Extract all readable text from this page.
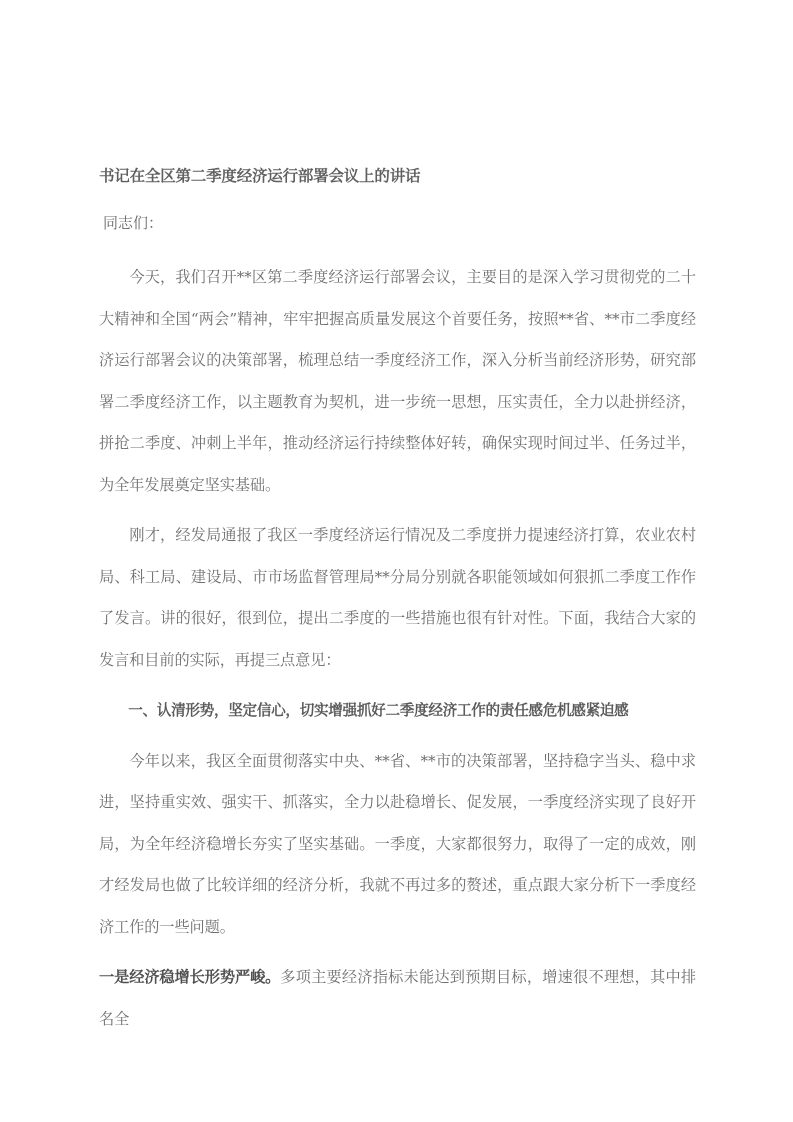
书记在全区第二季度经济运行部署会议上的讲话

同志们：

今天，我们召开**区第二季度经济运行部署会议，主要目的是深入学习贯彻党的二十大精神和全国“两会”精神，牢牢把握高质量发展这个首要任务，按照**省、**市二季度经济运行部署会议的决策部署，梳理总结一季度经济工作，深入分析当前经济形势，研究部署二季度经济工作，以主题教育为契机，进一步统一思想，压实责任，全力以赴拼经济，拼抢二季度、冲刺上半年，推动经济运行持续整体好转，确保实现时间过半、任务过半，为全年发展奠定坚实基础。

刚才，经发局通报了我区一季度经济运行情况及二季度拼力提速经济打算，农业农村局、科工局、建设局、市市场监督管理局**分局分别就各职能领域如何狠抓二季度工作作了发言。讲的很好，很到位，提出二季度的一些措施也很有针对性。下面，我结合大家的发言和目前的实际，再提三点意见：

一、认清形势，坚定信心，切实增强抓好二季度经济工作的责任感危机感紧迫感

今年以来，我区全面贯彻落实中央、**省、**市的决策部署，坚持稳字当头、稳中求进，坚持重实效、强实干、抓落实，全力以赴稳增长、促发展，一季度经济实现了良好开局，为全年经济稳增长夯实了坚实基础。一季度，大家都很努力，取得了一定的成效，刚才经发局也做了比较详细的经济分析，我就不再过多的赘述，重点跟大家分析下一季度经济工作的一些问题。

一是经济稳增长形势严峻。多项主要经济指标未能达到预期目标，增速很不理想，其中排名全
